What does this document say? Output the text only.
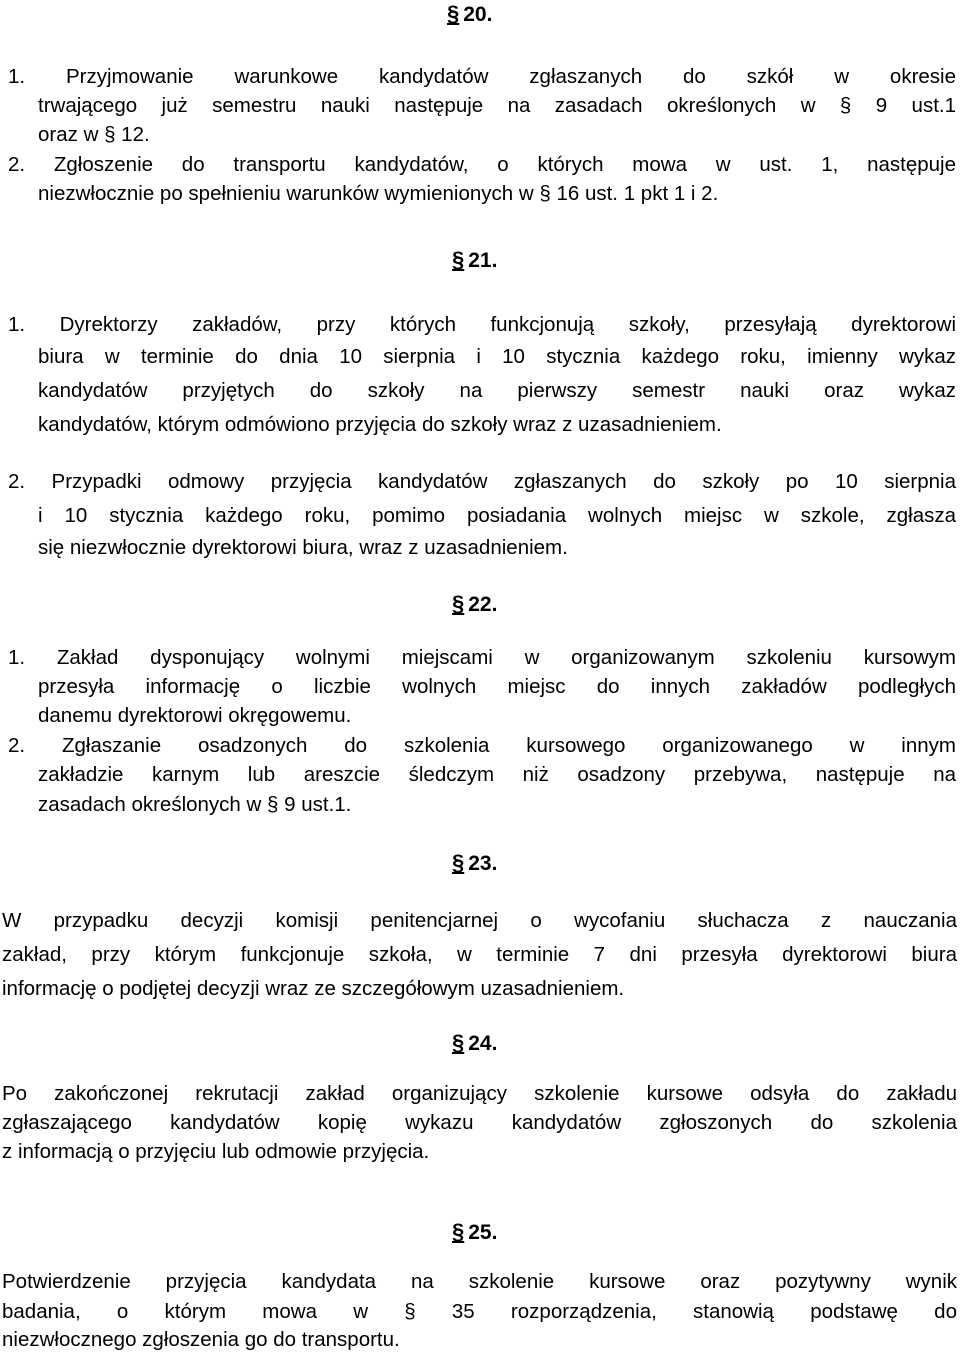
§ 20.
1. Przyjmowanie warunkowe kandydatów zgłaszanych do szkół w okresie
trwającego już semestru nauki następuje na zasadach określonych w § 9 ust.1
oraz w § 12.
2. Zgłoszenie do transportu kandydatów, o których mowa w ust. 1, następuje
niezwłocznie po spełnieniu warunków wymienionych w § 16 ust. 1 pkt 1 i 2.
§ 21.
1. Dyrektorzy zakładów, przy których funkcjonują szkoły, przesyłają dyrektorowi
biura w terminie do dnia 10 sierpnia i 10 stycznia każdego roku, imienny wykaz
kandydatów przyjętych do szkoły na pierwszy semestr nauki oraz wykaz
kandydatów, którym odmówiono przyjęcia do szkoły wraz z uzasadnieniem.
2. Przypadki odmowy przyjęcia kandydatów zgłaszanych do szkoły po 10 sierpnia
i 10 stycznia każdego roku, pomimo posiadania wolnych miejsc w szkole, zgłasza
się niezwłocznie dyrektorowi biura, wraz z uzasadnieniem.
§ 22.
1. Zakład dysponujący wolnymi miejscami w organizowanym szkoleniu kursowym
przesyła informację o liczbie wolnych miejsc do innych zakładów podległych
danemu dyrektorowi okręgowemu.
2. Zgłaszanie osadzonych do szkolenia kursowego organizowanego w innym
zakładzie karnym lub areszcie śledczym niż osadzony przebywa, następuje na
zasadach określonych w § 9 ust.1.
§ 23.
W przypadku decyzji komisji penitencjarnej o wycofaniu słuchacza z nauczania
zakład, przy którym funkcjonuje szkoła, w terminie 7 dni przesyła dyrektorowi biura
informację o podjętej decyzji wraz ze szczegółowym uzasadnieniem.
§ 24.
Po zakończonej rekrutacji zakład organizujący szkolenie kursowe odsyła do zakładu
zgłaszającego kandydatów kopię wykazu kandydatów zgłoszonych do szkolenia
z informacją o przyjęciu lub odmowie przyjęcia.
§ 25.
Potwierdzenie przyjęcia kandydata na szkolenie kursowe oraz pozytywny wynik
badania, o którym mowa w § 35 rozporządzenia, stanowią podstawę do
niezwłocznego zgłoszenia go do transportu.
